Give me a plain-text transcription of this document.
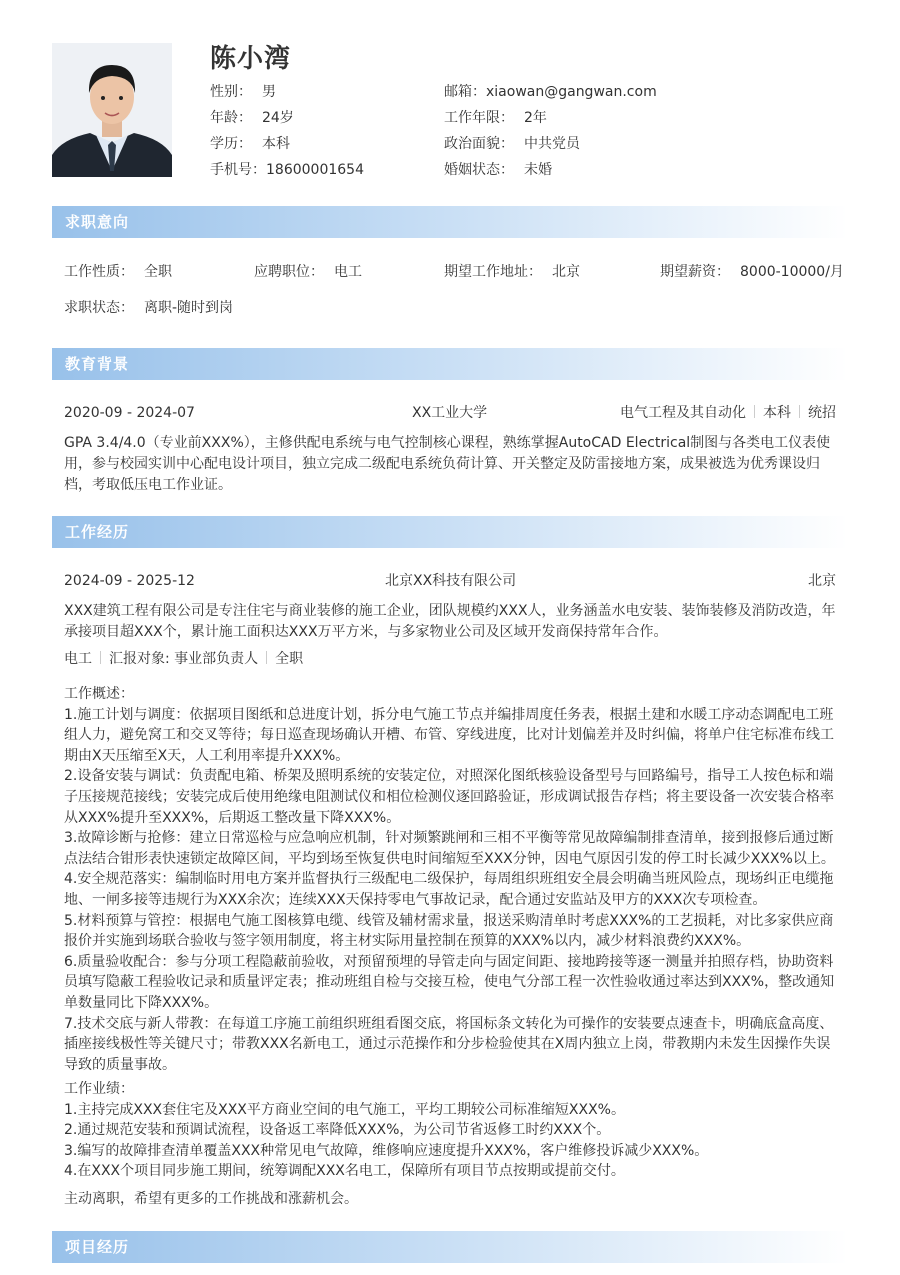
陈小湾
性别： 男
年龄： 24岁
学历： 本科
手机号：18600001654
邮箱：xiaowan@gangwan.com
工作年限： 2年
政治面貌： 中共党员
婚姻状态： 未婚
求职意向
工作性质： 全职	应聘职位： 电工	期望工作地址： 北京	期望薪资： 8000-10000/月
求职状态： 离职-随时到岗
教育背景
2020-09 - 2024-07	XX工业大学	电气工程及其自动化 本科 统招
GPA 3.4/4.0（专业前XXX%），主修供配电系统与电气控制核心课程，熟练掌握AutoCAD Electrical制图与各类电工仪表使
用，参与校园实训中心配电设计项目，独立完成二级配电系统负荷计算、开关整定及防雷接地方案，成果被选为优秀课设归
档，考取低压电工作业证。
工作经历
2024-09 - 2025-12	北京XX科技有限公司	北京
XXX建筑工程有限公司是专注住宅与商业装修的施工企业，团队规模约XXX人，业务涵盖水电安装、装饰装修及消防改造，年
承接项目超XXX个，累计施工面积达XXX万平方米，与多家物业公司及区域开发商保持常年合作。
电工 汇报对象: 事业部负责人 全职
工作概述：
1.施工计划与调度：依据项目图纸和总进度计划，拆分电气施工节点并编排周度任务表，根据土建和水暖工序动态调配电工班
组人力，避免窝工和交叉等待；每日巡查现场确认开槽、布管、穿线进度，比对计划偏差并及时纠偏，将单户住宅标准布线工
期由X天压缩至X天，人工利用率提升XXX%。
2.设备安装与调试：负责配电箱、桥架及照明系统的安装定位，对照深化图纸核验设备型号与回路编号，指导工人按色标和端
子压接规范接线；安装完成后使用绝缘电阻测试仪和相位检测仪逐回路验证，形成调试报告存档；将主要设备一次安装合格率
从XXX%提升至XXX%，后期返工整改量下降XXX%。
3.故障诊断与抢修：建立日常巡检与应急响应机制，针对频繁跳闸和三相不平衡等常见故障编制排查清单，接到报修后通过断
点法结合钳形表快速锁定故障区间，平均到场至恢复供电时间缩短至XXX分钟，因电气原因引发的停工时长减少XXX%以上。
4.安全规范落实：编制临时用电方案并监督执行三级配电二级保护，每周组织班组安全晨会明确当班风险点，现场纠正电缆拖
地、一闸多接等违规行为XXX余次；连续XXX天保持零电气事故记录，配合通过安监站及甲方的XXX次专项检查。
5.材料预算与管控：根据电气施工图核算电缆、线管及辅材需求量，报送采购清单时考虑XXX%的工艺损耗，对比多家供应商
报价并实施到场联合验收与签字领用制度，将主材实际用量控制在预算的XXX%以内，减少材料浪费约XXX%。
6.质量验收配合：参与分项工程隐蔽前验收，对预留预埋的导管走向与固定间距、接地跨接等逐一测量并拍照存档，协助资料
员填写隐蔽工程验收记录和质量评定表；推动班组自检与交接互检，使电气分部工程一次性验收通过率达到XXX%，整改通知
单数量同比下降XXX%。
7.技术交底与新人带教：在每道工序施工前组织班组看图交底，将国标条文转化为可操作的安装要点速查卡，明确底盒高度、
插座接线极性等关键尺寸；带教XXX名新电工，通过示范操作和分步检验使其在X周内独立上岗，带教期内未发生因操作失误
导致的质量事故。
工作业绩：
1.主持完成XXX套住宅及XXX平方商业空间的电气施工，平均工期较公司标准缩短XXX%。
2.通过规范安装和预调试流程，设备返工率降低XXX%，为公司节省返修工时约XXX个。
3.编写的故障排查清单覆盖XXX种常见电气故障，维修响应速度提升XXX%，客户维修投诉减少XXX%。
4.在XXX个项目同步施工期间，统筹调配XXX名电工，保障所有项目节点按期或提前交付。
主动离职，希望有更多的工作挑战和涨薪机会。
项目经历
